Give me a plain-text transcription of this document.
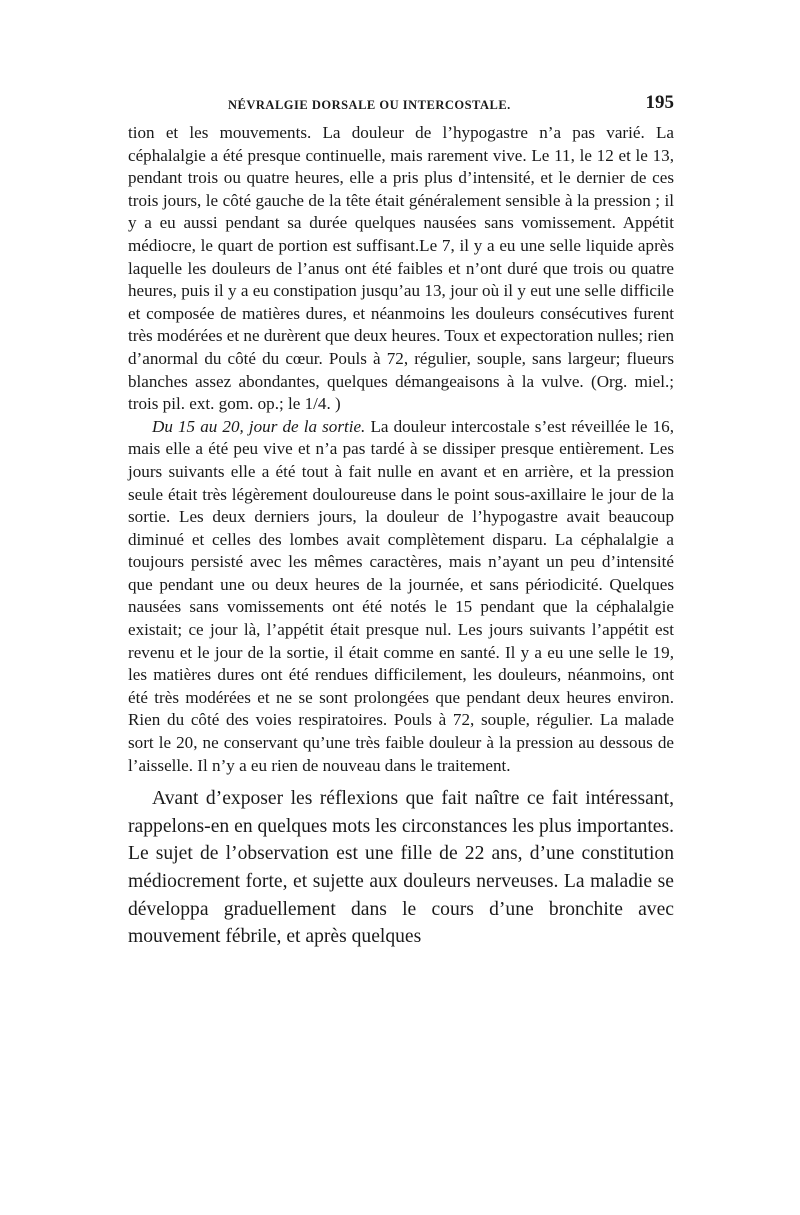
NÉVRALGIE DORSALE OU INTERCOSTALE.	195

tion et les mouvements. La douleur de l’hypogastre n’a pas varié. La céphalalgie a été presque continuelle, mais rarement vive. Le 11, le 12 et le 13, pendant trois ou quatre heures, elle a pris plus d’intensité, et le dernier de ces trois jours, le côté gauche de la tête était généralement sensible à la pression ; il y a eu aussi pendant sa durée quelques nausées sans vomissement. Appétit médiocre, le quart de portion est suffisant.Le 7, il y a eu une selle liquide après laquelle les douleurs de l’anus ont été faibles et n’ont duré que trois ou quatre heures, puis il y a eu constipation jusqu’au 13, jour où il y eut une selle difficile et composée de matières dures, et néanmoins les douleurs consécutives furent très modérées et ne durèrent que deux heures. Toux et expectoration nulles; rien d’anormal du côté du cœur. Pouls à 72, régulier, souple, sans largeur; flueurs blanches assez abondantes, quelques démangeaisons à la vulve. (Org. miel.; trois pil. ext. gom. op.; le 1/4. )

Du 15 au 20, jour de la sortie. La douleur intercostale s’est réveillée le 16, mais elle a été peu vive et n’a pas tardé à se dissiper presque entièrement. Les jours suivants elle a été tout à fait nulle en avant et en arrière, et la pression seule était très légèrement douloureuse dans le point sous-axillaire le jour de la sortie. Les deux derniers jours, la douleur de l’hypogastre avait beaucoup diminué et celles des lombes avait complètement disparu. La céphalalgie a toujours persisté avec les mêmes caractères, mais n’ayant un peu d’intensité que pendant une ou deux heures de la journée, et sans périodicité. Quelques nausées sans vomissements ont été notés le 15 pendant que la céphalalgie existait; ce jour là, l’appétit était presque nul. Les jours suivants l’appétit est revenu et le jour de la sortie, il était comme en santé. Il y a eu une selle le 19, les matières dures ont été rendues difficilement, les douleurs, néanmoins, ont été très modérées et ne se sont prolongées que pendant deux heures environ. Rien du côté des voies respiratoires. Pouls à 72, souple, régulier. La malade sort le 20, ne conservant qu’une très faible douleur à la pression au dessous de l’aisselle. Il n’y a eu rien de nouveau dans le traitement.

Avant d’exposer les réflexions que fait naître ce fait intéressant, rappelons-en en quelques mots les circonstances les plus importantes. Le sujet de l’observation est une fille de 22 ans, d’une constitution médiocrement forte, et sujette aux douleurs nerveuses. La maladie se développa graduellement dans le cours d’une bronchite avec mouvement fébrile, et après quelques
